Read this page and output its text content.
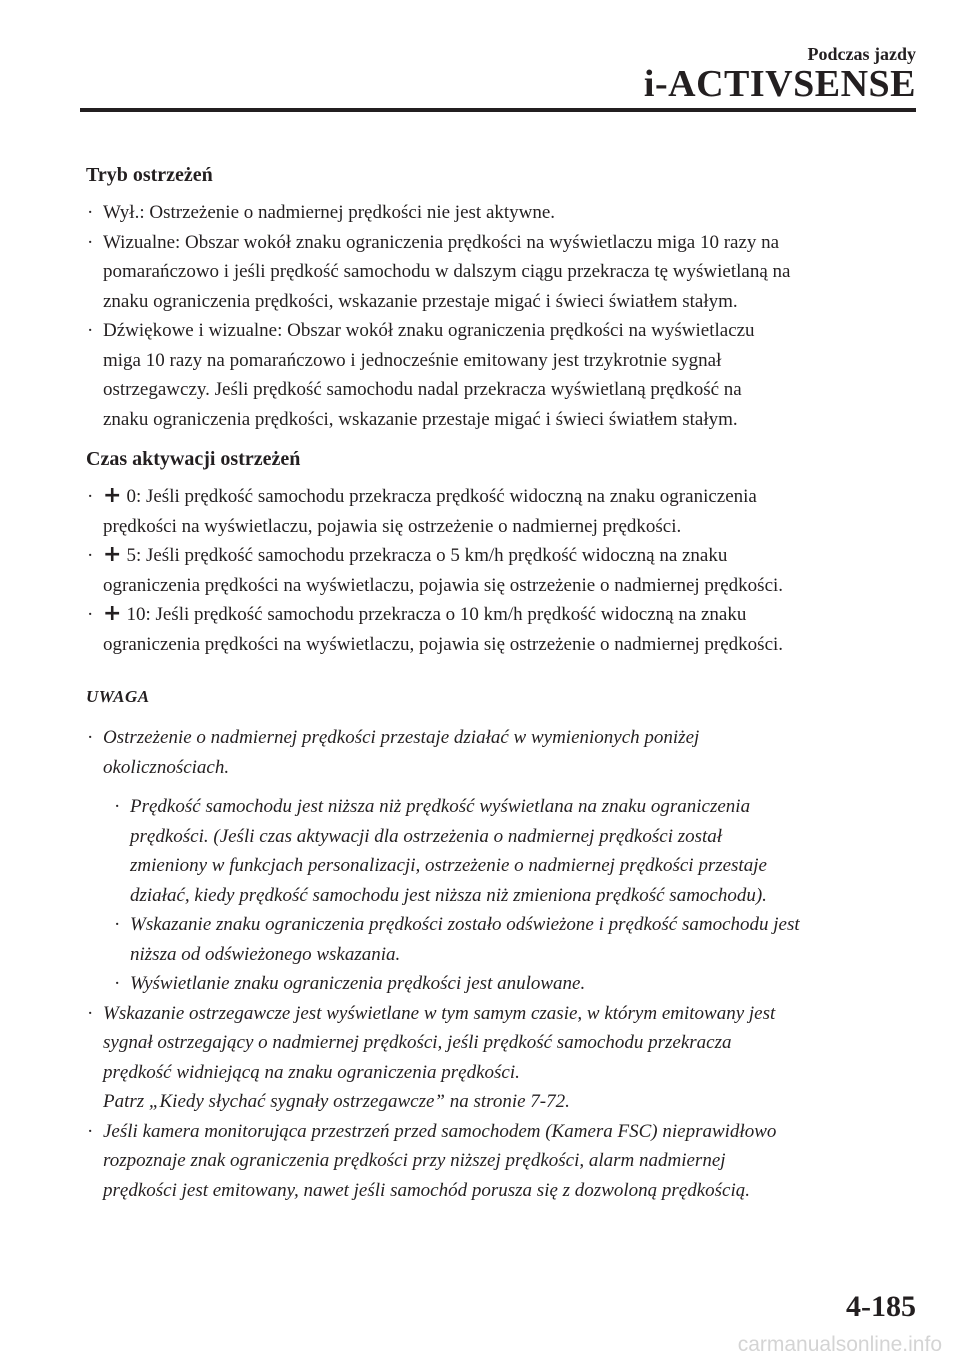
Podczas jazdy
i-ACTIVSENSE
Tryb ostrzeżeń
· Wył.: Ostrzeżenie o nadmiernej prędkości nie jest aktywne.
· Wizualne: Obszar wokół znaku ograniczenia prędkości na wyświetlaczu miga 10 razy na
pomarańczowo i jeśli prędkość samochodu w dalszym ciągu przekracza tę wyświetlaną na
znaku ograniczenia prędkości, wskazanie przestaje migać i świeci światłem stałym.
· Dźwiękowe i wizualne: Obszar wokół znaku ograniczenia prędkości na wyświetlaczu
miga 10 razy na pomarańczowo i jednocześnie emitowany jest trzykrotnie sygnał
ostrzegawczy. Jeśli prędkość samochodu nadal przekracza wyświetlaną prędkość na
znaku ograniczenia prędkości, wskazanie przestaje migać i świeci światłem stałym.
Czas aktywacji ostrzeżeń
· + 0: Jeśli prędkość samochodu przekracza prędkość widoczną na znaku ograniczenia
prędkości na wyświetlaczu, pojawia się ostrzeżenie o nadmiernej prędkości.
· + 5: Jeśli prędkość samochodu przekracza o 5 km/h prędkość widoczną na znaku
ograniczenia prędkości na wyświetlaczu, pojawia się ostrzeżenie o nadmiernej prędkości.
· + 10: Jeśli prędkość samochodu przekracza o 10 km/h prędkość widoczną na znaku
ograniczenia prędkości na wyświetlaczu, pojawia się ostrzeżenie o nadmiernej prędkości.
UWAGA
· Ostrzeżenie o nadmiernej prędkości przestaje działać w wymienionych poniżej
okolicznościach.
· Prędkość samochodu jest niższa niż prędkość wyświetlana na znaku ograniczenia
prędkości. (Jeśli czas aktywacji dla ostrzeżenia o nadmiernej prędkości został
zmieniony w funkcjach personalizacji, ostrzeżenie o nadmiernej prędkości przestaje
działać, kiedy prędkość samochodu jest niższa niż zmieniona prędkość samochodu).
· Wskazanie znaku ograniczenia prędkości zostało odświeżone i prędkość samochodu jest
niższa od odświeżonego wskazania.
· Wyświetlanie znaku ograniczenia prędkości jest anulowane.
· Wskazanie ostrzegawcze jest wyświetlane w tym samym czasie, w którym emitowany jest
sygnał ostrzegający o nadmiernej prędkości, jeśli prędkość samochodu przekracza
prędkość widniejącą na znaku ograniczenia prędkości.
Patrz „Kiedy słychać sygnały ostrzegawcze” na stronie 7-72.
· Jeśli kamera monitorująca przestrzeń przed samochodem (Kamera FSC) nieprawidłowo
rozpoznaje znak ograniczenia prędkości przy niższej prędkości, alarm nadmiernej
prędkości jest emitowany, nawet jeśli samochód porusza się z dozwoloną prędkością.
4-185
carmanualsonline.info
